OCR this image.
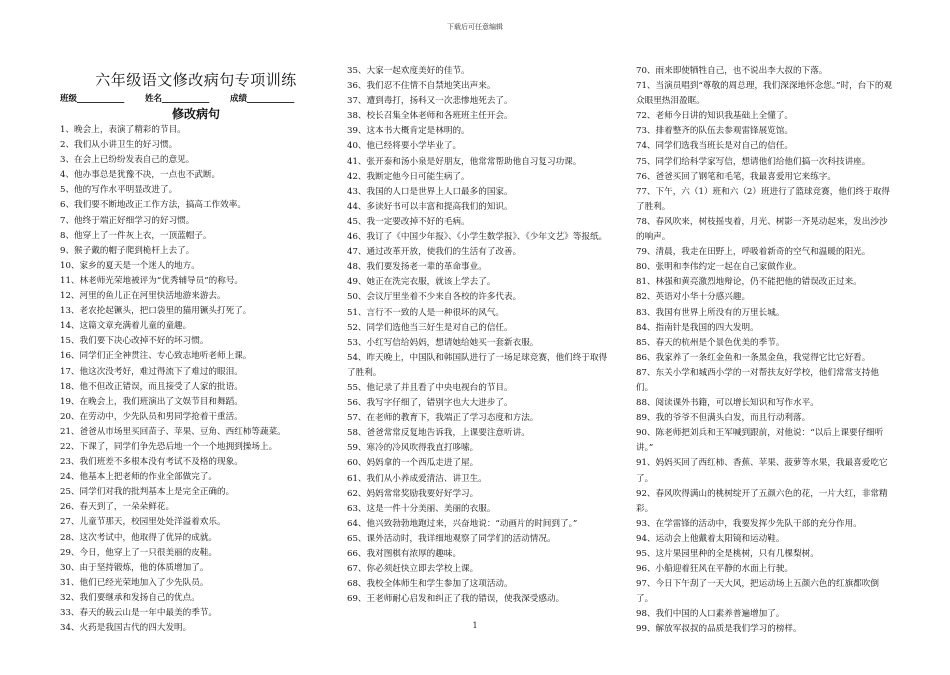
下载后可任意编辑
六年级语文修改病句专项训练
班级_________ 姓名_________ 成绩_________
修改病句
1、晚会上，表演了精彩的节目。
2、我们从小讲卫生的好习惯。
3、在会上已纷纷发表自己的意见。
4、他办事总是犹豫不决，一点也不武断。
5、他的写作水平明显改进了。
6、我们要不断地改正工作方法，搞高工作效率。
7、他终于端正好细学习的好习惯。
8、他穿上了一件灰上衣，一顶蓝帽子。
9、猴子戴的帽子爬到桅杆上去了。
10、家乡的夏天是一个迷人的地方。
11、林老师光荣地被评为“优秀辅导员”的称号。
12、河里的鱼儿正在河里快活地游来游去。
13、老农抡起镢头，把口袋里的猫用镢头打死了。
14、这篇文章充满着儿童的童趣。
15、我们要下决心改掉不好的坏习惯。
16、同学们正全神贯注、专心致志地听老师上课。
17、他这次没考好，难过得流下了难过的眼泪。
18、他不但改正错误，而且接受了人家的批语。
19、在晚会上，我们班演出了文娱节目和舞蹈。
20、在劳动中，少先队员和男同学抢着干重活。
21、爸爸从市场里买回苗子、苹果、豆角、西红柿等蔬菜。
22、下课了，同学们争先恐后地一个一个地拥到操场上。
23、我们班差不多根本没有考试不及格的现象。
24、他基本上把老师的作业全部做完了。
25、同学们对我的批判基本上是完全正确的。
26、春天到了，一朵朵鲜花。
27、儿童节那天，校园里处处洋溢着欢乐。
28、这次考试中，他取得了优异的成就。
29、今日，他穿上了一只很美丽的皮鞋。
30、由于坚持锻炼，他的体质增加了。
31、他们已经光荣地加入了少先队员。
32、我们要继承和发扬自己的优点。
33、春天的载云山是一年中最美的季节。
34、火药是我国古代的四大发明。
35、大家一起欢度美好的佳节。
36、我们忍不住情不自禁地笑出声来。
37、遭到毒打，扬科又一次悲惨地死去了。
38、校长召集全体老师和各班班主任开会。
39、这本书大概肯定是林明的。
40、他已经将要小学毕业了。
41、张开泰和汤小泉是好朋友，他常常帮助他自习复习功课。
42、我断定他今日可能生病了。
43、我国的人口是世界上人口最多的国家。
44、多读好书可以丰富和提高我们的知识。
45、我一定要改掉不好的毛病。
46、我订了《中国少年报》、《小学生数学报》、《少年文艺》等报纸。
47、通过改革开放，使我们的生活有了改善。
48、我们要发扬老一辈的革命事业。
49、她正在洗完衣服，就该上学去了。
50、会议厅里坐着不少来自各校的许多代表。
51、言行不一致的人是一种很坏的风气。
52、同学们选他当三好生是对自己的信任。
53、小红写信给妈妈，想请她给她买一套新衣服。
54、昨天晚上，中国队和韩国队进行了一场足球竞赛，他们终于取得了胜利。
55、他记录了并且看了中央电视台的节目。
56、我写字仔细了，错别字也大大进步了。
57、在老师的教育下，我端正了学习态度和方法。
58、爸爸常常反复地告诉我，上课要注意听讲。
59、寒冷的冷风吹得我直打哆嗦。
60、妈妈拿的一个西瓜走进了屋。
61、我们从小养成爱清洁、讲卫生。
62、妈妈常常奖励我要好好学习。
63、这是一件十分美丽、美丽的衣服。
64、他兴致勃勃地跑过来，兴奋地说：“动画片的时间到了。”
65、课外活动时，我详细地观察了同学们的活动情况。
66、我对图棋有浓厚的趣味。
67、你必须赶快立即去学校上课。
68、我校全体师生和学生参加了这项活动。
69、王老师耐心启发和纠正了我的错误，使我深受感动。
70、雨来即使牺牲自己，也不说出李大叔的下落。
71、当演员唱到“尊敬的周总理，我们深深地怀念您。”时，台下的观众眼里热泪盈眶。
72、老师今日讲的知识我基础上全懂了。
73、排着整齐的队伍去参观雷锋展览馆。
74、同学们选我当班长是对自己的信任。
75、同学们给科学家写信，想请他们给他们搞一次科技讲座。
76、爸爸买回了钢笔和毛笔，我最喜爱用它来练字。
77、下午，六（1）班和六（2）班进行了篮球竞赛，他们终于取得了胜利。
78、春风吹来，树枝摇曳着，月光、树影一齐晃动起来，发出沙沙的响声。
79、清晨，我走在田野上，呼吸着新奇的空气和温暖的阳光。
80、张明和李伟约定一起在自己家做作业。
81、林强和黄亮激烈地辩论，仍不能把他的错误改正过来。
82、英语对小华十分感兴趣。
83、我国有世界上所没有的万里长城。
84、指南针是我国的四大发明。
85、春天的杭州是个景色优美的季节。
86、我家养了一条红金鱼和一条黑金鱼，我觉得它比它好看。
87、东关小学和城西小学的一对帮扶友好学校，他们常常支持他们。
88、阅读课外书籍，可以增长知识和写作水平。
89、我的爷爷不但满头白发，而且行动利落。
90、陈老师把刘兵和王军喊到跟前，对他说：“以后上课要仔细听讲。”
91、妈妈买回了西红柿、香蕉、苹果、菠萝等水果，我最喜爱吃它了。
92、春风吹得满山的桃树绽开了五颜六色的花，一片大红，非常精彩。
93、在学雷锋的活动中，我要发挥少先队干部的充分作用。
94、运动会上他戴着太阳镜和运动鞋。
95、这片果园里种的全是桃树，只有几棵梨树。
96、小船迎着狂风在平静的水面上行驶。
97、今日下午刮了一天大风，把运动场上五颜六色的红旗都吹倒了。
98、我们中国的人口素养普遍增加了。
99、解放军叔叔的品质是我们学习的榜样。
1
